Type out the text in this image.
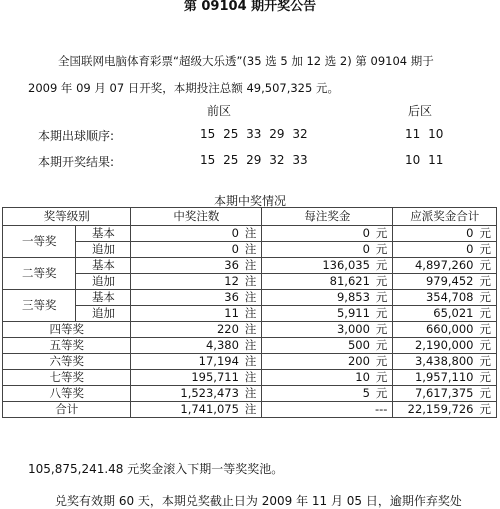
第 09104 期开奖公告
全国联网电脑体育彩票“超级大乐透”(35 选 5 加 12 选 2) 第 09104 期于
2009 年 09 月 07 日开奖，本期投注总额 49,507,325 元。
前区	后区
本期出球顺序:	15 25 33 29 32	11 10
本期开奖结果:	15 25 29 32 33	10 11
本期中奖情况
奖等级别		中奖注数	每注奖金	应派奖金合计
一等奖	基本	0 注	0 元	0 元
	追加	0 注	0 元	0 元
二等奖	基本	36 注	136,035 元	4,897,260 元
	追加	12 注	81,621 元	979,452 元
三等奖	基本	36 注	9,853 元	354,708 元
	追加	11 注	5,911 元	65,021 元
四等奖		220 注	3,000 元	660,000 元
五等奖		4,380 注	500 元	2,190,000 元
六等奖		17,194 注	200 元	3,438,800 元
七等奖		195,711 注	10 元	1,957,110 元
八等奖		1,523,473 注	5 元	7,617,375 元
合计		1,741,075 注	---	22,159,726 元
105,875,241.48 元奖金滚入下期一等奖奖池。
兑奖有效期 60 天，本期兑奖截止日为 2009 年 11 月 05 日，逾期作弃奖处
